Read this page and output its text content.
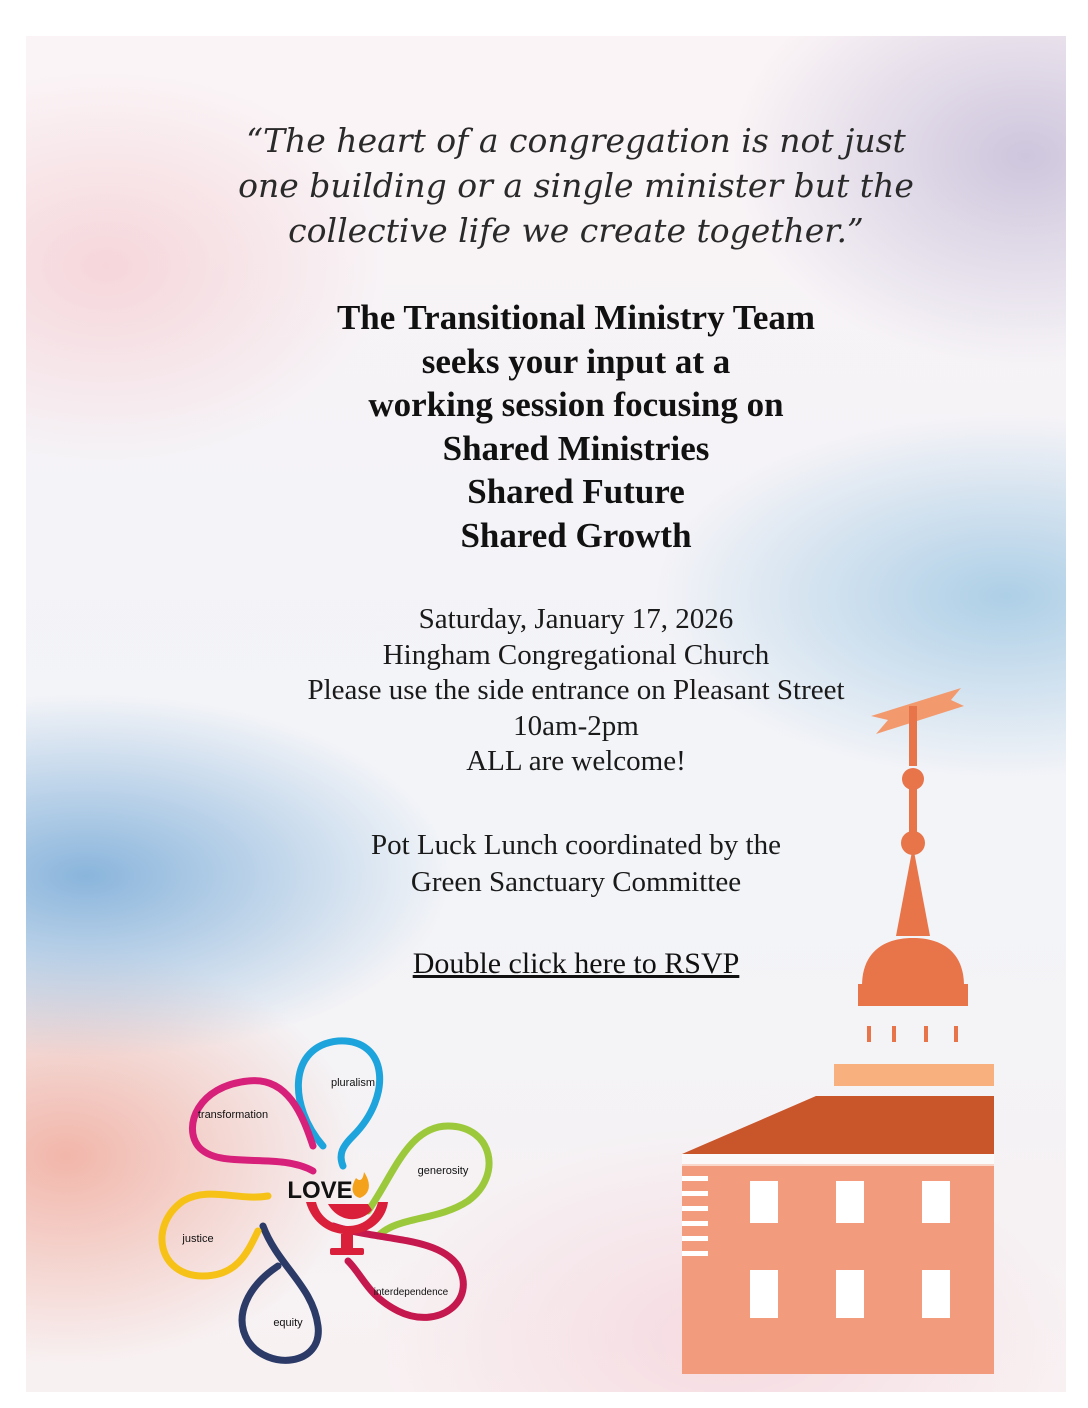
“The heart of a congregation is not just
one building or a single minister but the
collective life we create together.”
The Transitional Ministry Team
seeks your input at a
working session focusing on
Shared Ministries
Shared Future
Shared Growth
Saturday, January 17, 2026
Hingham Congregational Church
Please use the side entrance on Pleasant Street
10am-2pm
ALL are welcome!
Pot Luck Lunch coordinated by the
Green Sanctuary Committee
Double click here to RSVP
pluralism
generosity
interdependence
equity
justice
transformation
LOVE
